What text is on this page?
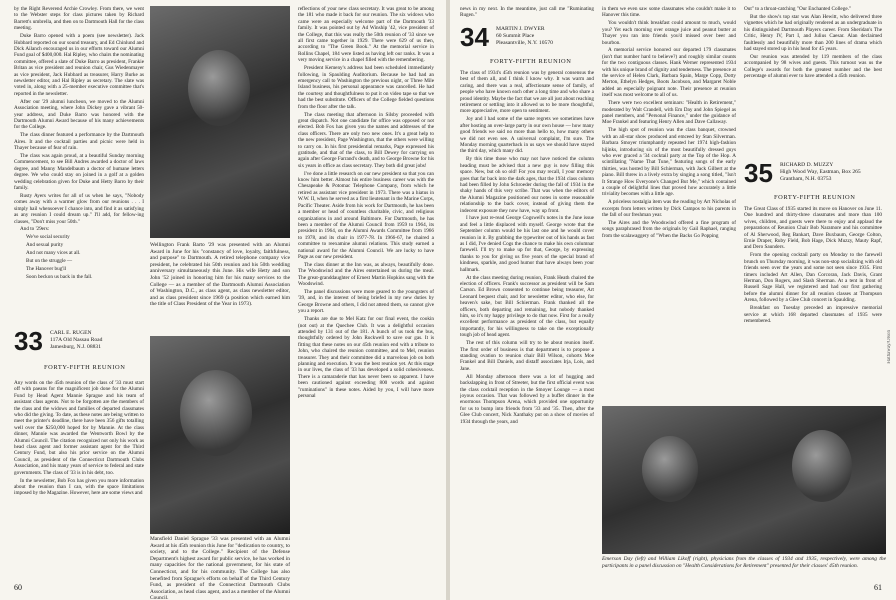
by the Right Reverend Archie Crowley. From there, we went to the Webster steps for class pictures taken by Richard Barrett's umbrella, and then on to Dartmouth Hall for the class meeting.

Duke Barro opened with a poem (see newsletter). Jack Hubbard reported on our sound treasury, and Ed Chinlund and Dick Ailanch encouraged us in our efforts toward our Alumni Fund goal of $400,000. Hal Ripley, who chairs the nominating committee, offered a slate of Duke Barro as president, Frankie Britan as vice president and reunion chair, Gus Wiedenmayer as vice president, Jack Hubbard as treasurer, Harry Burke as newsletter editor, and Hal Ripley as secretary. The slate was voted in, along with a 25-member executive committee that's reported in the newsletter.

After our '29 alumni luncheon, we moved to the Alumni Association meeting, where John Dickey gave a vibrant 50-year address, and Duke Barro was honored with the Dartmouth Alumni Award because of his many achievements for the College.

The class dinner featured a performance by the Dartmouth Aires. It and the cocktail parties and picnic were held in Thayer because of fear of rain.

The class was again proud, at a beautiful Sunday morning Commencement, to see Bill Andres awarded a doctor of laws degree, and Manny Mandelbaum a doctor of humane letters degree. We who could stay on joined in a golf at a golden wedding celebration given for Duke and Hetty Barro by their family.

Rusty Ayers writes for all of us when he says, "Nobody comes away with a warmer glow from our reunions . . . I simply hail whensoever I chance into, and find it as satisfying as any reunion I could dream up." I'll add, for fellow-ing classes, "Don't miss your 50th."

And to '29ers:

We've social security

And sexual purity

And not many vices at all.

But on the struggle —

The Hanover bug'll

Soon beckon us back in the fall.

33 CARL E. RUGEN
117A Old Nassau Road
Jamesburg, N.J. 08831
FORTY-FIFTH REUNION

Any words on the 45th reunion of the class of '33 must start off with paeans for the magnificent job done for the Alumni Fund by Head Agent Mannie Sprague and his team of assistant class agents. Not to be forgotten are the members of the class and the widows and families of departed classmates who did the giving. To date, as these notes are being written to meet the printer's deadline, there have been 356 gifts totalling well over the $250,000 hoped for by Mannie. At the class dinner, Mannie was awarded the Wentworth Bowl by the Alumni Council. The citation recognized not only his work as head class agent and former assistant agent for the Third Century Fund, but also his prior service on the Alumni Council, as president of the Connecticut Dartmouth Clubs Association, and his many years of service to federal and state governments. The class of '33 is in his debt, too.

In the newsletter, Bob Fox has given you more information about the reunion than I can, with the space limitations imposed by the Magazine. However, here are some views and

Wellington Frank Barto '29 was presented with an Alumni Award in June for his "constancy of love, loyalty, faithfulness, and purpose" to Dartmouth. A retired telephone company vice president, he celebrated his 50th reunion and his 50th wedding anniversary simultaneously this June. His wife Hetty and son John '52 joined in honoring him for his many services to the College — as a member of the Dartmouth Alumni Association of Washington, D.C., as class agent, as class newsletter editor, and as class president since 1969 (a position which earned him the title of Class President of the Year in 1973).
Mansfield Daniel Sprague '33 was presented with an Alumni Award at his 45th reunion this June for "dedication to country, to society, and to the College." Recipient of the Defense Department's highest award for public service, he has worked in many capacities for the national government, for his state of Connecticut, and for his community. The College has also benefited from Sprague's efforts on behalf of the Third Century Fund, as president of the Connecticut Dartmouth Clubs Association, as head class agent, and as a member of the Alumni Council.

reflections of your new class secretary. It was great to be among the 181 who made it back for our reunion. The six widows who came were an especially welcome part of the Dartmouth '33 family. It was pointed out by Ad Winship '42, vice president of the College, that this was really the 50th reunion of '33 since we all first came together in 1929. There were 629 of us then, according to "The Green Book." At the memorial service in Rollins Chapel, 184 were listed as having left our ranks. It was a very moving service in a chapel filled with the remembering.

President Kemeny's address had been scheduled immediately following, in Spaulding Auditorium. Because he had had an emergency call to Washington the previous night, or Three Mile Island business, his personal appearance was cancelled. He had the courtesy and thoughtfulness to put it on video tape so that we had the best substitute. Officers of the College fielded questions from the floor after the talk.

The class meeting that afternoon in Silsby proceeded with great dispatch. Not one candidate for office was opposed or not elected. Bob Fox has given you the names and addresses of the class officers. There are only two new ones. It's a great help to the new president, Page Washington, that the others were willing to carry on. In his first presidential remarks, Page expressed his gratitude, and that of the class, to Bill Dewey for carrying on again after George Farrand's death, and to George Browne for his six years in office as class secretary. They both did great jobs!

I've done a little research on our new president so that you can know him better. Almost his entire business career was with the Chesapeake & Potomac Telephone Company, from which he retired as assistant vice president in 1973. There was a hiatus in W.W. II, when he served as a first lieutenant in the Marine Corps, Pacific Theater. Aside from his work for Dartmouth, he has been a member or head of countless charitable, civic, and religious organizations in and around Baltimore. For Dartmouth, he has been a member of the Alumni Council from 1959 to 1964, its president in 1964, on the Alumni Awards Committee from 1966 to 1978, and its chair in 1977-78. In 1966-67, he chaired a committee to reexamine alumni relations. This study earned a national award for the Alumni Council. We are lucky to have Page as our new president.

The class dinner at the Inn was, as always, beautifully done. The Woodswind and the Aires entertained us during the meal. The great-granddaughter of Ernest Martin Hopkins sang with the Woodswind.

The panel discussions were more geared to the youngsters of '39, and, in the interest of being briefed in my new duties by George Browne and others, I did not attend them, so cannot give you a report.

Thanks are due to Mel Katz for our final event, the cookin (not out) at the Quechee Club. It was a delightful occasion attended by 131 out of the 181. A bunch of us took the bus, thoughtfully ordered by John Rockwell to save our gas. It is fitting that these notes on our 45th reunion end with a tribute to John, who chaired the reunion committee, and to Mel, reunion treasurer. They and their committee did a marvelous job on both planning and execution. It was the best reunion yet. At this stage in our lives, the class of '33 has developed a solid cohesiveness. There is a camaraderie that has never been so apparent. I have been cautioned against exceeding 800 words and against "ruminations" in these notes. Aided by you, I will have more personal

60

news in my next. In the meantime, just call me "Ruminating Rugen."

34 MARTIN J. DWYER
60 Summit Place
Pleasantville, N.Y. 10570
FORTY-FIFTH REUNION

The class of 1934's 45th reunion was by general consensus the best of them all, and I think I know why. It was warm and caring, and there was a real, affectionate sense of family, of people who have known each other a long time and who share a proud identity. Maybe the fact that we are all just about reaching retirement or settling into it allowed us to be more thoughtful, more appreciative, more open to sentiment.

Joy and I had some of the same regrets we sometimes have after hosting an over-large party in our own house — how many good friends we said no more than hello to, how many others we did not even see. A universal complaint, I'm sure. The Monday morning quarterback in us says we should have stayed the third day, which many did.

By this time those who may not have noticed the column heading must be advised that a new guy is now filling this space. New, but oh so old! For you may recall, I your memory goes that far back into the dark ages, that the 1934 class column had been filled by John Schroeder during the fall of 1934 in the shaky hands of this very scribe. That was when the editors of the Alumni Magazine positioned our notes in some reasonable relationship to the back cover, instead of giving them the indecent exposure they now have, way up front.

I have just re-read George Cogswell's notes in the June issue and feel a little displaced with myself. George wrote that the September column would be his last one and he would cover reunion in it. By grabbing the typewriter out of his hands as fast as I did, I've denied Cogs the chance to make his own columnar farewell. I'll try to make up for that, George, by expressing thanks to you for giving us five years of the special brand of kindness, sparkle, and good humor that have always been your hallmark.

At the class meeting during reunion, Frank Heath chaired the election of officers. Frank's successor as president will be Sam Carson. Ed Brown consented to continue being treasurer, Art Leonard bequest chair, and for newsletter editor, who else, for heaven's sake, but Bill Schierman. Frank thanked all the officers, both departing and remaining, but nobody thanked him, so it's my happy privilege to do that now. First for a really excellent performance as president of the class, but equally importantly, for his willingness to take on the exceptionally tough job of head agent.

The rest of this column will try to be about reunion itself. The first order of business is that department is to propose a standing ovation to reunion chair Bill Wilson, cohorts Moe Frankel and Bill Daniels, and distaff associates Irja, Lois, and Jane.

All Monday afternoon there was a lot of hugging and backslapping in front of Streeter, but the first official event was the class cocktail reception in the Smoyer Lounge — a most joyous occasion. That was followed by a buffet dinner in the enormous Thompson Arena, which provided one opportunity for us to bump into friends from '33 and '35. Then, after the Glee Club concert, Nick Xanthaky put on a show of movies of 1934 through the years, and

in them we even saw some classmates who couldn't make it to Hanover this time.

You wouldn't think breakfast could amount to much, would you? Yet each morning over orange juice and peanut butter at Thayer you ran into friends you'd missed over beer and bourbon.

A memorial service honored our departed 179 classmates (isn't that number hard to believe?) and roughly similar counts for the two contiguous classes. Hank Werner represented 1934 with his unique brand of dignity and tenderness. The presence at the service of Helen Clark, Barbara Spain, Marge Copp, Dotty Merton, Ethelyn Hedges, Boots Jacobson, and Margaret Noble added an especially poignant note. Their presence at reunion itself was most welcome to all of us.

There were two excellent seminars: "Health in Retirement," moderated by Walt Crandell, with Em Day and John Spiegel as panel members, and "Personal Finance," under the guidance of Moe Frankel and featuring Henry Allen and Dave Callaway.

The high spot of reunion was the class banquet, crowned with an all-star show produced and emceed by Stan Silverman. Barbara Smoyer triumphantly repeated her 1974 high-fashion hijinks, introducing six of the most beautifully dressed guys who ever graced a '34 cocktail party at the Top of the Hop. A scintillating "Name That Tune," featuring songs of the early thirties, was hosted by Bill Schierman, with Jack Gilbert at the piano. Bill threw in a lively extra by singing a song titled, "Isn't It Strange How Everyone's Changed But Me," which contained a couple of delightful lines that proved how accurately a little triviality becomes with a little age.

A priceless nostalgia item was the reading by Art Nicholas of excerpts from letters written by Dick Campos to his parents in the fall of our freshman year.

The Aires and the Woodswind offered a fine program of songs paraphrased from the originals by Gail Raphael, ranging from the scalawaggery of "When the Backs Go Popping

Out" to a throat-catching "Our Enchanted College."

But the show's top star was Alan Hewitt, who delivered three vignettes which he had originally rendered as an undergraduate in his distinguished Dartmouth Players career. From Sheridan's The Critic, Henry IV, Part I, and Julius Caesar. Alan declaimed faultlessly and beautifully more than 200 lines of drama which had stayed stored up in his head for 45 years.

Our reunion was attended by 119 members of the class accompanied by 98 wives and guests. This turnout was us the College's awards for both the greatest number and the best percentage of alumni ever to have attended a 45th reunion.

35 RICHARD D. MUZZY
High Wood Way, Eastman, Box 265
Grantham, N.H. 03753
FORTY-FIFTH REUNION

The Great Class of 1935 started its move on Hanover on June 11. One hundred and thirty-three classmates and more than 100 wives, children, and guests were there to enjoy and applaud the preparations of Reunion Chair Bob Naramore and his committee of Al Sherwood, Reg Bankart, Dave Buxbaum, George Colton, Ernie Draper, Ruby Field, Bob Hage, Dick Muzzy, Mauty Rapf, and Dero Saunders.

From the opening cocktail party on Monday to the farewell brunch on Thursday morning, it was non-stop socializing with old friends seen over the years and some not seen since 1935. First timers included Art Allen, Dan Corcoran, Jack Davis, Grant Herman, Don Rogers, and Slash Sherman. At a tent in front of Russell Sage Hall, we registered and had our first gathering before the alumni dinner for all reunion classes at Thompson Arena, followed by a Glee Club concert in Spaulding.

Breakfast on Tuesday preceded an impressive memorial service at which 168 departed classmates of 1935 were remembered.

Emerson Day (left) and William Likoff (right), physicians from the classes of 1934 and 1935, respectively, were among the participants in a panel discussion on "Health Considerations for Retirement" presented for their classes' 45th reunion.
Hathaway/Olson
61
